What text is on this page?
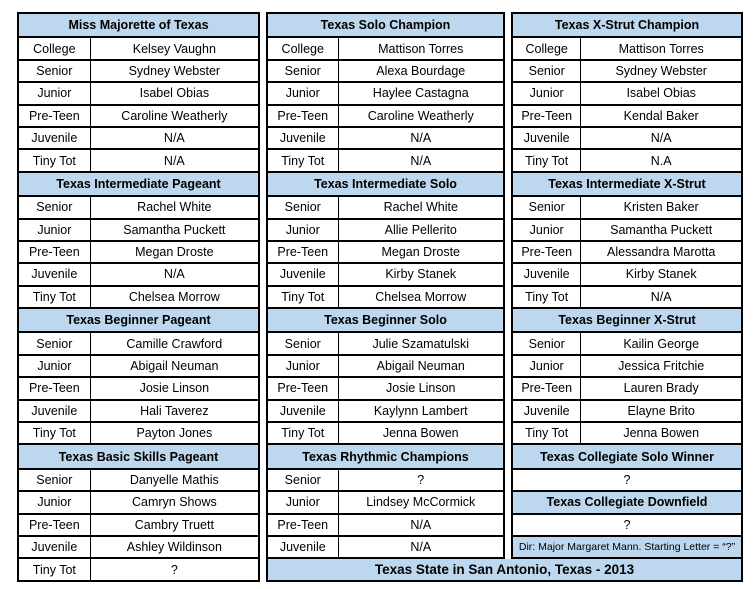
Miss Majorette of Texas
College	Kelsey Vaughn
Senior	Sydney Webster
Junior	Isabel Obias
Pre-Teen	Caroline Weatherly
Juvenile	N/A
Tiny Tot	N/A
Texas Intermediate Pageant
Senior	Rachel White
Junior	Samantha Puckett
Pre-Teen	Megan Droste
Juvenile	N/A
Tiny Tot	Chelsea Morrow
Texas Beginner Pageant
Senior	Camille Crawford
Junior	Abigail Neuman
Pre-Teen	Josie Linson
Juvenile	Hali Taverez
Tiny Tot	Payton Jones
Texas Basic Skills Pageant
Senior	Danyelle Mathis
Junior	Camryn Shows
Pre-Teen	Cambry Truett
Juvenile	Ashley Wildinson
Tiny Tot	?
Texas Solo Champion
College	Mattison Torres
Senior	Alexa Bourdage
Junior	Haylee Castagna
Pre-Teen	Caroline Weatherly
Juvenile	N/A
Tiny Tot	N/A
Texas Intermediate Solo
Senior	Rachel White
Junior	Allie Pellerito
Pre-Teen	Megan Droste
Juvenile	Kirby Stanek
Tiny Tot	Chelsea Morrow
Texas Beginner Solo
Senior	Julie Szamatulski
Junior	Abigail Neuman
Pre-Teen	Josie Linson
Juvenile	Kaylynn Lambert
Tiny Tot	Jenna Bowen
Texas Rhythmic Champions
Senior	?
Junior	Lindsey McCormick
Pre-Teen	N/A
Juvenile	N/A
Texas X-Strut Champion
College	Mattison Torres
Senior	Sydney Webster
Junior	Isabel Obias
Pre-Teen	Kendal Baker
Juvenile	N/A
Tiny Tot	N.A
Texas Intermediate X-Strut
Senior	Kristen Baker
Junior	Samantha Puckett
Pre-Teen	Alessandra Marotta
Juvenile	Kirby Stanek
Tiny Tot	N/A
Texas Beginner X-Strut
Senior	Kailin George
Junior	Jessica Fritchie
Pre-Teen	Lauren Brady
Juvenile	Elayne Brito
Tiny Tot	Jenna Bowen
Texas Collegiate Solo Winner
?
Texas Collegiate Downfield
?
Dir: Major Margaret Mann. Starting Letter = “?”
Texas State in San Antonio, Texas - 2013
